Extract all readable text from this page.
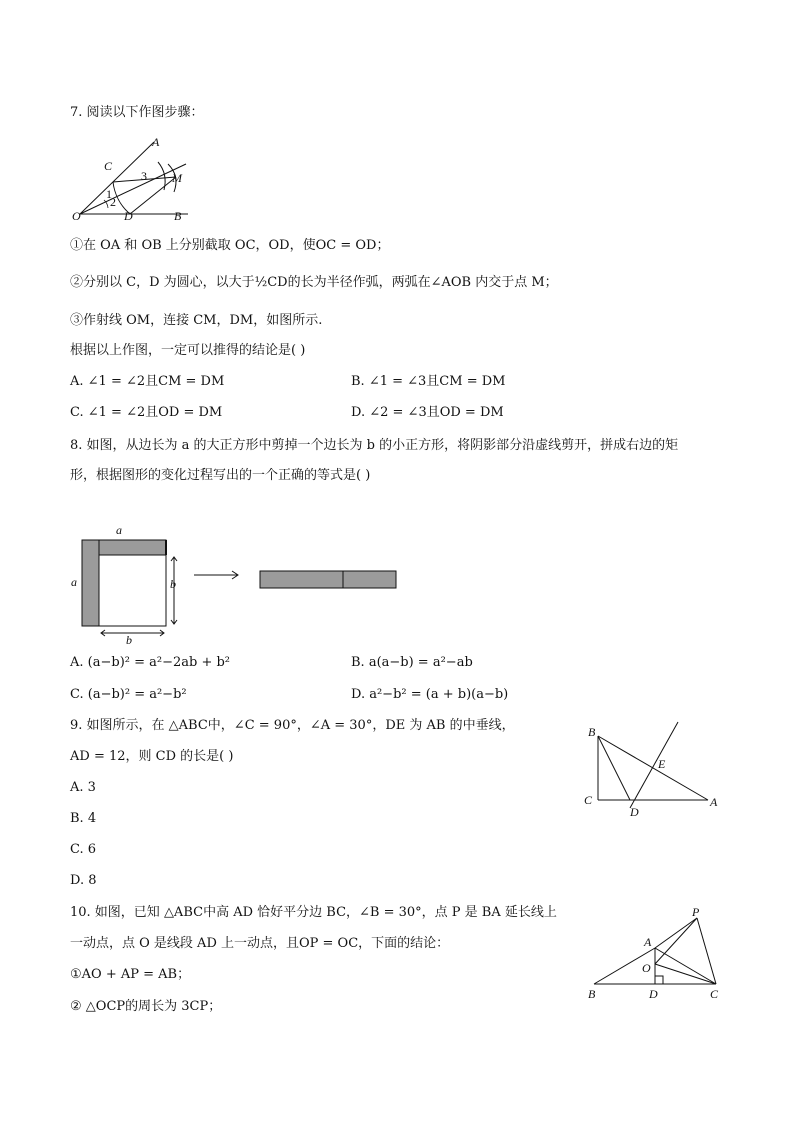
7. 阅读以下作图步骤：
A
C
3 M
1
2
O	D	B
①在 OA 和 OB 上分别截取 OC，OD，使OC = OD；
②分别以 C，D 为圆心，以大于½CD的长为半径作弧，两弧在∠AOB 内交于点 M；
③作射线 OM，连接 CM，DM，如图所示.
根据以上作图，一定可以推得的结论是( )
A. ∠1 = ∠2且CM = DM	B. ∠1 = ∠3且CM = DM
C. ∠1 = ∠2且OD = DM	D. ∠2 = ∠3且OD = DM
8. 如图，从边长为 a 的大正方形中剪掉一个边长为 b 的小正方形，将阴影部分沿虚线剪开，拼成右边的矩
形，根据图形的变化过程写出的一个正确的等式是( )
a
a	b
b
A. (a−b)² = a²−2ab + b²	B. a(a−b) = a²−ab
C. (a−b)² = a²−b²	D. a²−b² = (a + b)(a−b)
9. 如图所示，在 △ABC中，∠C = 90°，∠A = 30°，DE 为 AB 的中垂线，
AD = 12，则 CD 的长是( )
A. 3
B. 4
C. 6
D. 8
B
E
C
D
A
10. 如图，已知 △ABC中高 AD 恰好平分边 BC，∠B = 30°，点 P 是 BA 延长线上
一动点，点 O 是线段 AD 上一动点，且OP = OC，下面的结论：
①AO + AP = AB；
② △OCP的周长为 3CP；
P
A
O
B	D	C
